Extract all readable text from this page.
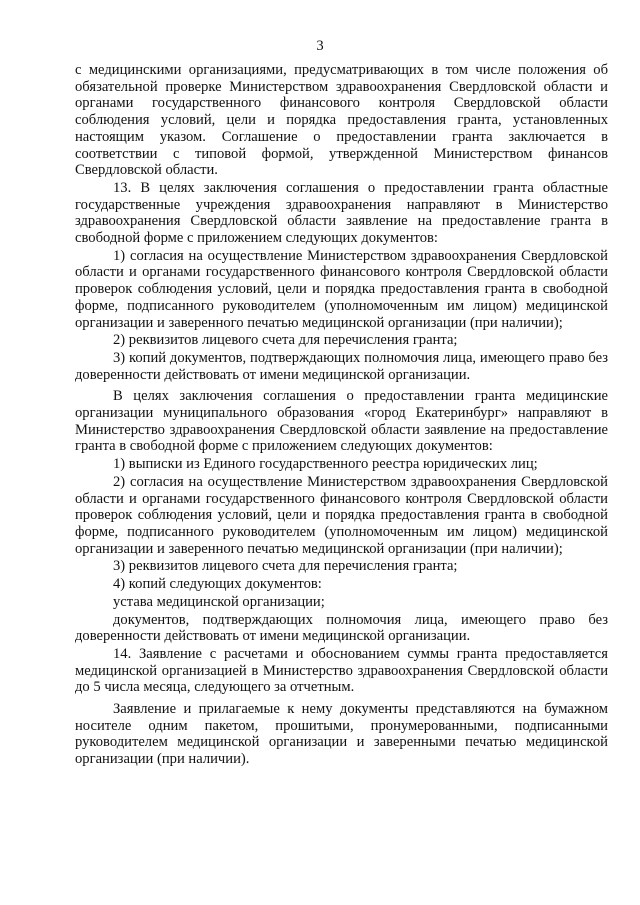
3

с медицинскими организациями, предусматривающих в том числе положения об обязательной проверке Министерством здравоохранения Свердловской области и органами государственного финансового контроля Свердловской области соблюдения условий, цели и порядка предоставления гранта, установленных настоящим указом. Соглашение о предоставлении гранта заключается в соответствии с типовой формой, утвержденной Министерством финансов Свердловской области.

13. В целях заключения соглашения о предоставлении гранта областные государственные учреждения здравоохранения направляют в Министерство здравоохранения Свердловской области заявление на предоставление гранта в свободной форме с приложением следующих документов:

1) согласия на осуществление Министерством здравоохранения Свердловской области и органами государственного финансового контроля Свердловской области проверок соблюдения условий, цели и порядка предоставления гранта в свободной форме, подписанного руководителем (уполномоченным им лицом) медицинской организации и заверенного печатью медицинской организации (при наличии);

2) реквизитов лицевого счета для перечисления гранта;

3) копий документов, подтверждающих полномочия лица, имеющего право без доверенности действовать от имени медицинской организации.

В целях заключения соглашения о предоставлении гранта медицинские организации муниципального образования «город Екатеринбург» направляют в Министерство здравоохранения Свердловской области заявление на предоставление гранта в свободной форме с приложением следующих документов:

1) выписки из Единого государственного реестра юридических лиц;

2) согласия на осуществление Министерством здравоохранения Свердловской области и органами государственного финансового контроля Свердловской области проверок соблюдения условий, цели и порядка предоставления гранта в свободной форме, подписанного руководителем (уполномоченным им лицом) медицинской организации и заверенного печатью медицинской организации (при наличии);

3) реквизитов лицевого счета для перечисления гранта;

4) копий следующих документов:

устава медицинской организации;

документов, подтверждающих полномочия лица, имеющего право без доверенности действовать от имени медицинской организации.

14. Заявление с расчетами и обоснованием суммы гранта предоставляется медицинской организацией в Министерство здравоохранения Свердловской области до 5 числа месяца, следующего за отчетным.

Заявление и прилагаемые к нему документы представляются на бумажном носителе одним пакетом, прошитыми, пронумерованными, подписанными руководителем медицинской организации и заверенными печатью медицинской организации (при наличии).
